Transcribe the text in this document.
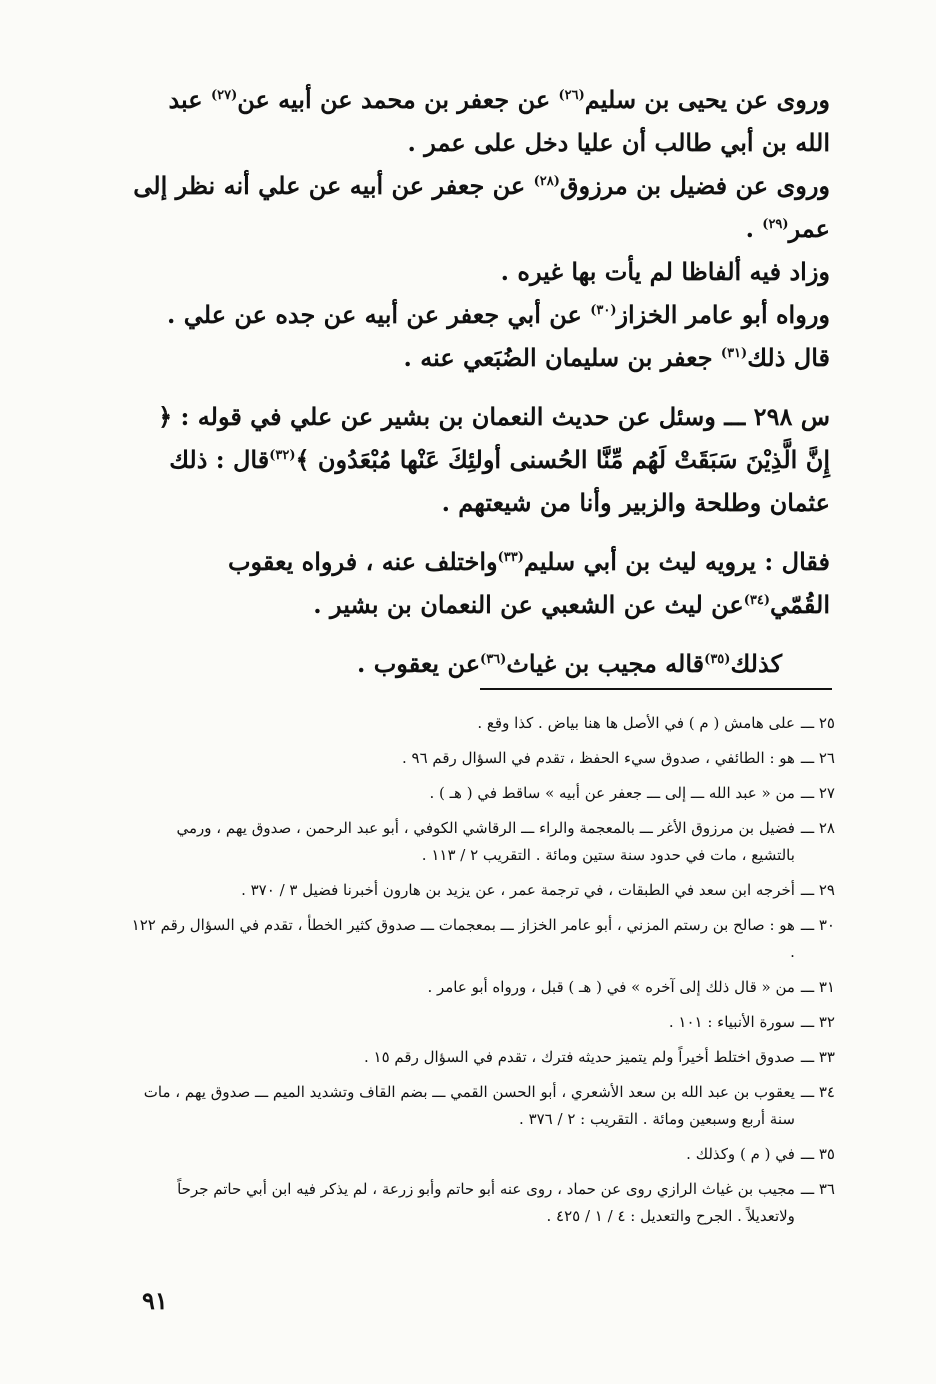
وروى عن يحيى بن سليم$^{(٢٦)}$ عن جعفر بن محمد عن أبيه عن$^{(٢٧)}$ عبد الله بن أبي طالب أن عليا دخل على عمر .

وروى عن فضيل بن مرزوق$^{(٢٨)}$ عن جعفر عن أبيه عن علي أنه نظر إلى عمر$^{(٢٩)}$ .

وزاد فيه ألفاظا لم يأت بها غيره .

ورواه أبو عامر الخزاز$^{(٣٠)}$ عن أبي جعفر عن أبيه عن جده عن علي .

قال ذلك$^{(٣١)}$ جعفر بن سليمان الضُبَعي عنه .

س ٢٩٨ ـــ وسئل عن حديث النعمان بن بشير عن علي في قوله : ﴿ إِنَّ الَّذِيْنَ سَبَقَتْ لَهُم مِّنَّا الحُسنى أولئِكَ عَنْها مُبْعَدُون ﴾$^{(٣٢)}$قال : ذلك عثمان وطلحة والزبير وأنا من شيعتهم .

فقال : يرويه ليث بن أبي سليم$^{(٣٣)}$واختلف عنه ، فرواه يعقوب القُمّي$^{(٣٤)}$عن ليث عن الشعبي عن النعمان بن بشير .

كذلك$^{(٣٥)}$قاله مجيب بن غياث$^{(٣٦)}$عن يعقوب .

٢٥ ـــ
على هامش ( م ) في الأصل ها هنا بياض . كذا وقع .
٢٦ ـــ
هو : الطائفي ، صدوق سيء الحفظ ، تقدم في السؤال رقم ٩٦ .
٢٧ ـــ
من « عبد الله ـــ إلى ـــ جعفر عن أبيه » ساقط في ( هـ ) .
٢٨ ـــ
فضيل بن مرزوق الأغر ـــ بالمعجمة والراء ـــ الرقاشي الكوفي ، أبو عبد الرحمن ، صدوق يهم ، ورمي بالتشيع ، مات في حدود سنة ستين ومائة . التقريب ٢ / ١١٣ .
٢٩ ـــ
أخرجه ابن سعد في الطبقات ، في ترجمة عمر ، عن يزيد بن هارون أخبرنا فضيل ٣ / ٣٧٠ .
٣٠ ـــ
هو : صالح بن رستم المزني ، أبو عامر الخزاز ـــ بمعجمات ـــ صدوق كثير الخطأ ، تقدم في السؤال رقم ١٢٢ .
٣١ ـــ
من « قال ذلك إلى آخره » في ( هـ ) قبل ، ورواه أبو عامر .
٣٢ ـــ
سورة الأنبياء : ١٠١ .
٣٣ ـــ
صدوق اختلط أخيراً ولم يتميز حديثه فترك ، تقدم في السؤال رقم ١٥ .
٣٤ ـــ
يعقوب بن عبد الله بن سعد الأشعري ، أبو الحسن القمي ـــ بضم القاف وتشديد الميم ـــ صدوق يهم ، مات سنة أربع وسبعين ومائة . التقريب : ٢ / ٣٧٦ .
٣٥ ـــ
في ( م ) وكذلك .
٣٦ ـــ
مجيب بن غياث الرازي روى عن حماد ، روى عنه أبو حاتم وأبو زرعة ، لم يذكر فيه ابن أبي حاتم جرحاً ولاتعديلاً . الجرح والتعديل : ٤ / ١ / ٤٢٥ .
٩١
